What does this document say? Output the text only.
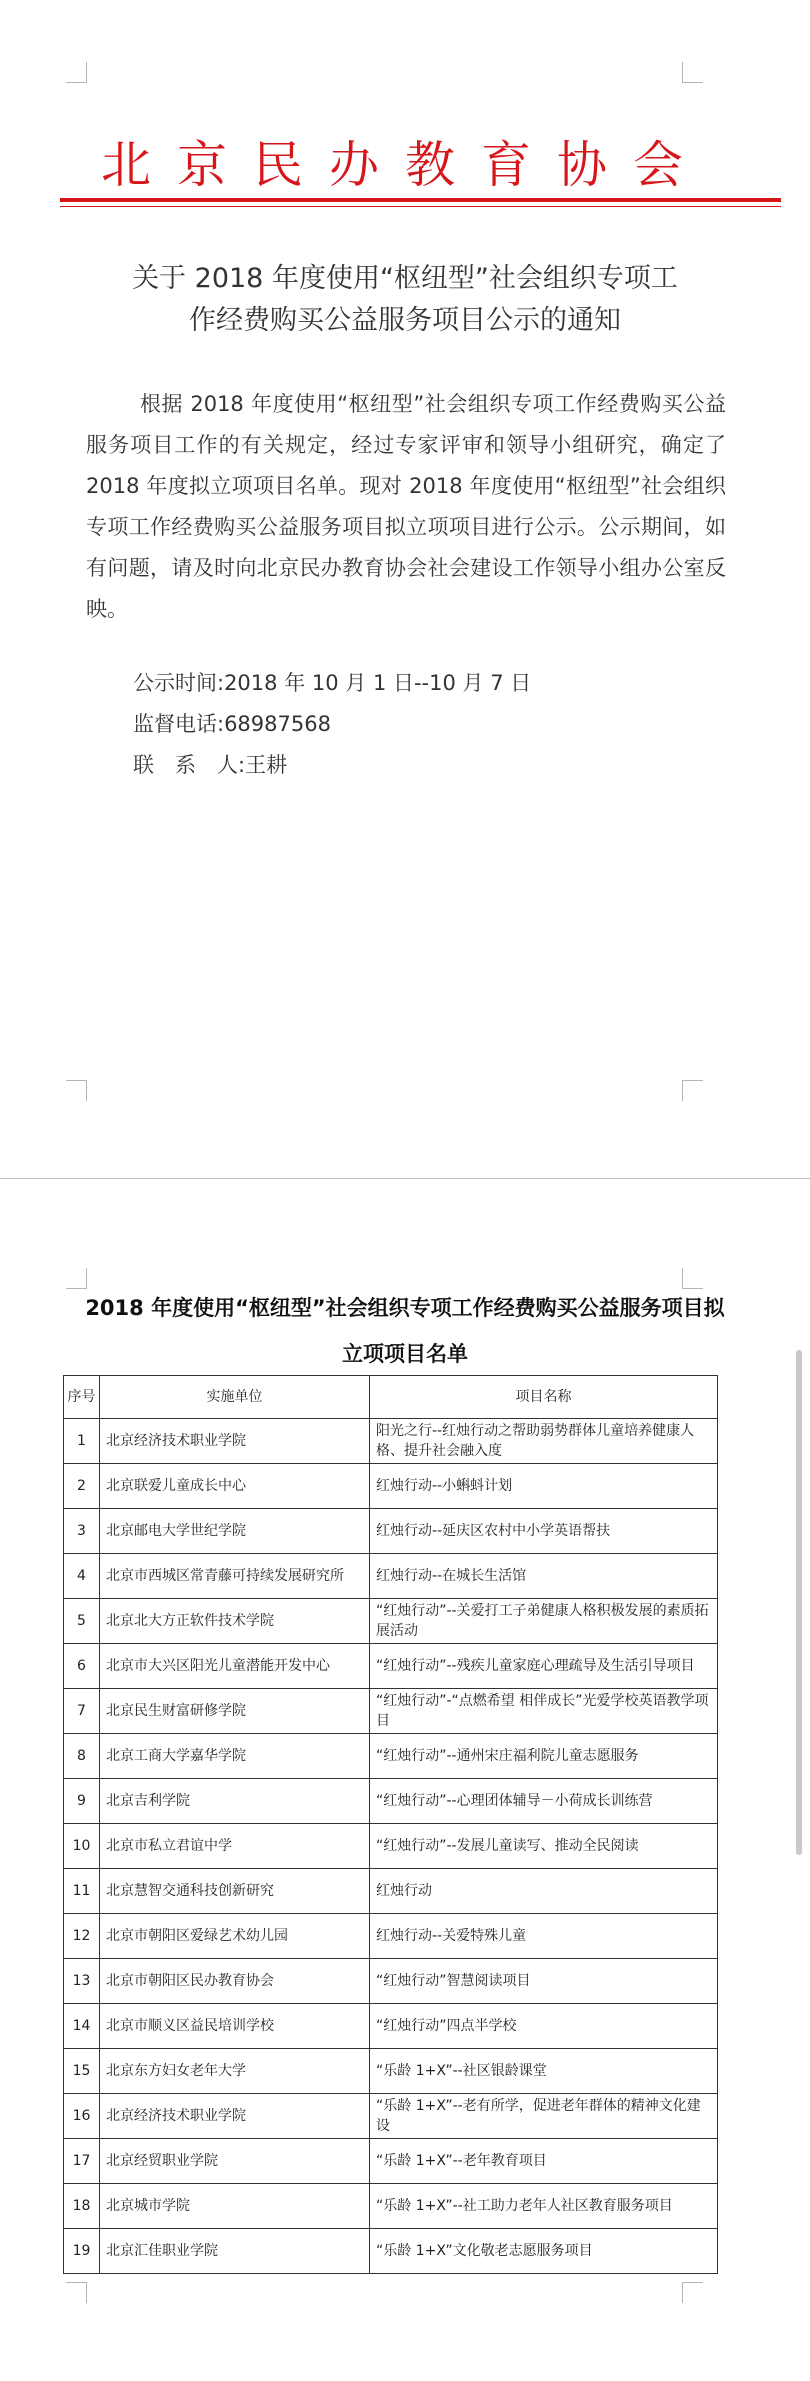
北京民办教育协会
关于 2018 年度使用“枢纽型”社会组织专项工
作经费购买公益服务项目公示的通知
根据 2018 年度使用“枢纽型”社会组织专项工作经费购买公益服务项目工作的有关规定，经过专家评审和领导小组研究，确定了 2018 年度拟立项项目名单。现对 2018 年度使用“枢纽型”社会组织专项工作经费购买公益服务项目拟立项项目进行公示。公示期间，如有问题，请及时向北京民办教育协会社会建设工作领导小组办公室反映。
公示时间:2018 年 10 月 1 日--10 月 7 日
监督电话:68987568
联　系　人:王耕
2018 年度使用“枢纽型”社会组织专项工作经费购买公益服务项目拟
立项项目名单
序号	实施单位	项目名称
1	北京经济技术职业学院	阳光之行--红烛行动之帮助弱势群体儿童培养健康人格、提升社会融入度
2	北京联爱儿童成长中心	红烛行动--小蝌蚪计划
3	北京邮电大学世纪学院	红烛行动--延庆区农村中小学英语帮扶
4	北京市西城区常青藤可持续发展研究所	红烛行动--在城长生活馆
5	北京北大方正软件技术学院	“红烛行动”--关爱打工子弟健康人格积极发展的素质拓展活动
6	北京市大兴区阳光儿童潜能开发中心	“红烛行动”--残疾儿童家庭心理疏导及生活引导项目
7	北京民生财富研修学院	“红烛行动”-“点燃希望 相伴成长”光爱学校英语教学项目
8	北京工商大学嘉华学院	“红烛行动”--通州宋庄福利院儿童志愿服务
9	北京吉利学院	“红烛行动”--心理团体辅导－小荷成长训练营
10	北京市私立君谊中学	“红烛行动”--发展儿童读写、推动全民阅读
11	北京慧智交通科技创新研究	红烛行动
12	北京市朝阳区爱绿艺术幼儿园	红烛行动--关爱特殊儿童
13	北京市朝阳区民办教育协会	“红烛行动”智慧阅读项目
14	北京市顺义区益民培训学校	“红烛行动”四点半学校
15	北京东方妇女老年大学	“乐龄 1+X”--社区银龄课堂
16	北京经济技术职业学院	“乐龄 1+X”--老有所学，促进老年群体的精神文化建设
17	北京经贸职业学院	“乐龄 1+X”--老年教育项目
18	北京城市学院	“乐龄 1+X”--社工助力老年人社区教育服务项目
19	北京汇佳职业学院	“乐龄 1+X”文化敬老志愿服务项目
